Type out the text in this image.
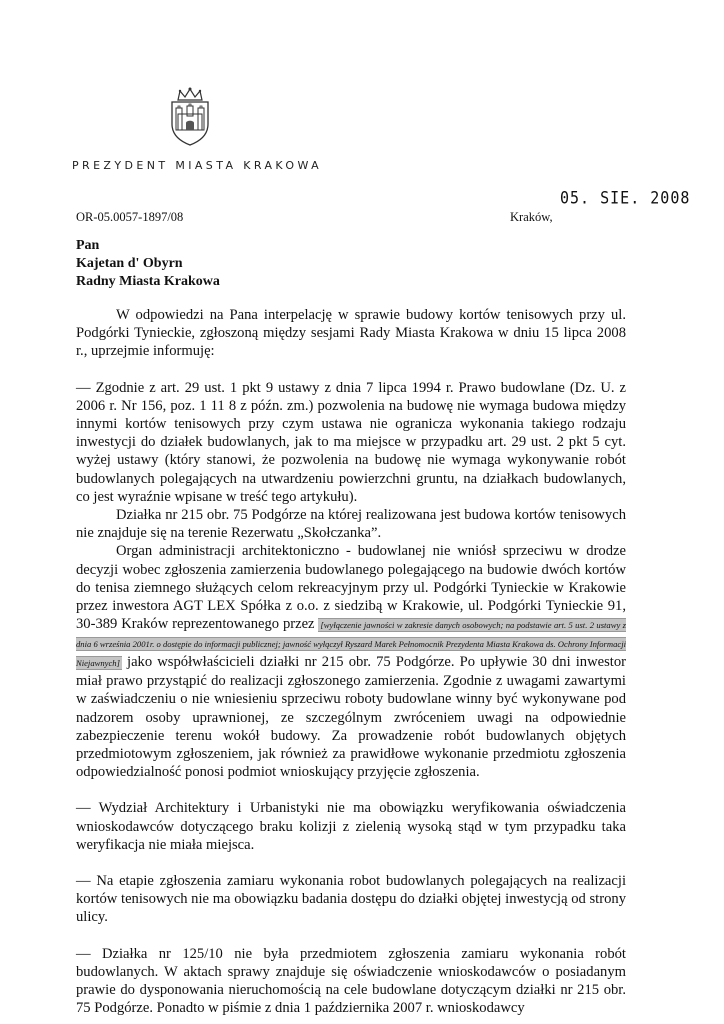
PREZYDENT MIASTA KRAKOWA
05. SIE. 2008
OR-05.0057-1897/08	Kraków,
Pan
Kajetan d' Obyrn
Radny Miasta Krakowa

W odpowiedzi na Pana interpelację w sprawie budowy kortów tenisowych przy ul. Podgórki Tynieckie, zgłoszoną między sesjami Rady Miasta Krakowa w dniu 15 lipca 2008 r., uprzejmie informuję:

— Zgodnie z art. 29 ust. 1 pkt 9 ustawy z dnia 7 lipca 1994 r. Prawo budowlane (Dz. U. z 2006 r. Nr 156, poz. 1 11 8 z późn. zm.) pozwolenia na budowę nie wymaga budowa między innymi kortów tenisowych przy czym ustawa nie ogranicza wykonania takiego rodzaju inwestycji do działek budowlanych, jak to ma miejsce w przypadku art. 29 ust. 2 pkt 5 cyt. wyżej ustawy (który stanowi, że pozwolenia na budowę nie wymaga wykonywanie robót budowlanych polegających na utwardzeniu powierzchni gruntu, na działkach budowlanych, co jest wyraźnie wpisane w treść tego artykułu).

Działka nr 215 obr. 75 Podgórze na której realizowana jest budowa kortów tenisowych nie znajduje się na terenie Rezerwatu „Skołczanka”.

Organ administracji architektoniczno - budowlanej nie wniósł sprzeciwu w drodze decyzji wobec zgłoszenia zamierzenia budowlanego polegającego na budowie dwóch kortów do tenisa ziemnego służących celom rekreacyjnym przy ul. Podgórki Tynieckie w Krakowie przez inwestora AGT LEX Spółka z o.o. z siedzibą w Krakowie, ul. Podgórki Tynieckie 91, 30-389 Kraków reprezentowanego przez [wyłączenie jawności w zakresie danych osobowych; na podstawie art. 5 ust. 2 ustawy z dnia 6 września 2001r. o dostępie do informacji publicznej; jawność wyłączył Ryszard Marek Pełnomocnik Prezydenta Miasta Krakowa ds. Ochrony Informacji Niejawnych] jako współwłaścicieli działki nr 215 obr. 75 Podgórze. Po upływie 30 dni inwestor miał prawo przystąpić do realizacji zgłoszonego zamierzenia. Zgodnie z uwagami zawartymi w zaświadczeniu o nie wniesieniu sprzeciwu roboty budowlane winny być wykonywane pod nadzorem osoby uprawnionej, ze szczególnym zwróceniem uwagi na odpowiednie zabezpieczenie terenu wokół budowy. Za prowadzenie robót budowlanych objętych przedmiotowym zgłoszeniem, jak również za prawidłowe wykonanie przedmiotu zgłoszenia odpowiedzialność ponosi podmiot wnioskujący przyjęcie zgłoszenia.

— Wydział Architektury i Urbanistyki nie ma obowiązku weryfikowania oświadczenia wnioskodawców dotyczącego braku kolizji z zielenią wysoką stąd w tym przypadku taka weryfikacja nie miała miejsca.

— Na etapie zgłoszenia zamiaru wykonania robot budowlanych polegających na realizacji kortów tenisowych nie ma obowiązku badania dostępu do działki objętej inwestycją od strony ulicy.

— Działka nr 125/10 nie była przedmiotem zgłoszenia zamiaru wykonania robót budowlanych. W aktach sprawy znajduje się oświadczenie wnioskodawców o posiadanym prawie do dysponowania nieruchomością na cele budowlane dotyczącym działki nr 215 obr. 75 Podgórze. Ponadto w piśmie z dnia 1 października 2007 r. wnioskodawcy
